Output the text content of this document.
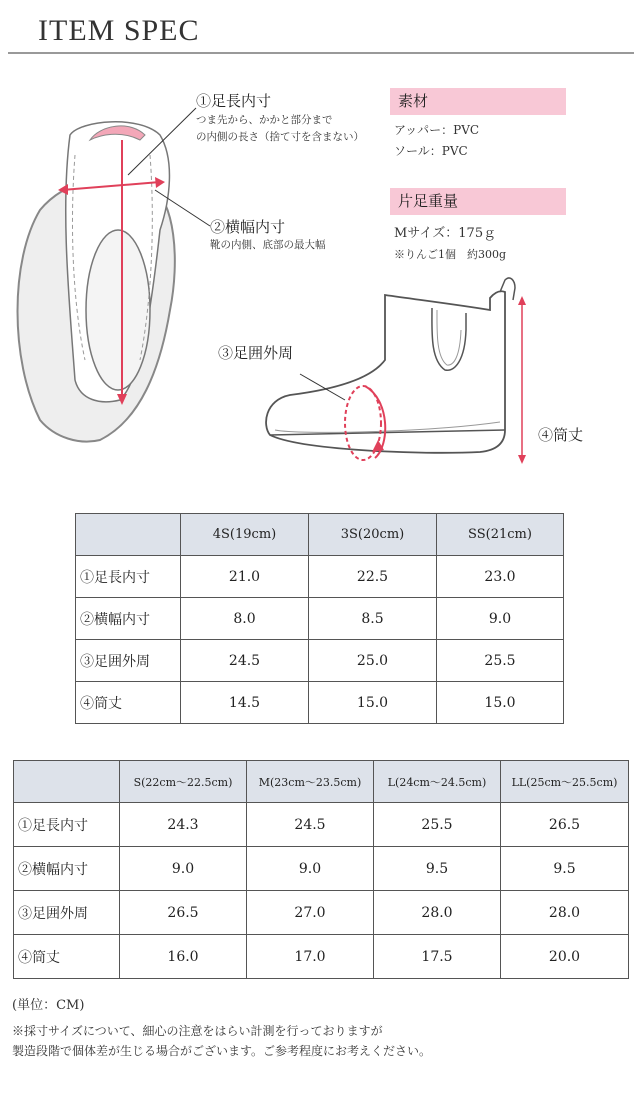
ITEM SPEC
①足長内寸
つま先から、かかと部分まで
の内側の長さ（捨て寸を含まない）
②横幅内寸
靴の内側、底部の最大幅
③足囲外周
④筒丈
素材
アッパー：PVC
ソール：PVC
片足重量
Mサイズ：175ｇ
※りんご1個　約300g
	4S(19cm)	3S(20cm)	SS(21cm)
①足長内寸	21.0	22.5	23.0
②横幅内寸	8.0	8.5	9.0
③足囲外周	24.5	25.0	25.5
④筒丈	14.5	15.0	15.0
	S(22cm～22.5cm)	M(23cm～23.5cm)	L(24cm～24.5cm)	LL(25cm～25.5cm)
①足長内寸	24.3	24.5	25.5	26.5
②横幅内寸	9.0	9.0	9.5	9.5
③足囲外周	26.5	27.0	28.0	28.0
④筒丈	16.0	17.0	17.5	20.0
(単位：CM)
※採寸サイズについて、細心の注意をはらい計測を行っておりますが
製造段階で個体差が生じる場合がございます。ご参考程度にお考えください。
